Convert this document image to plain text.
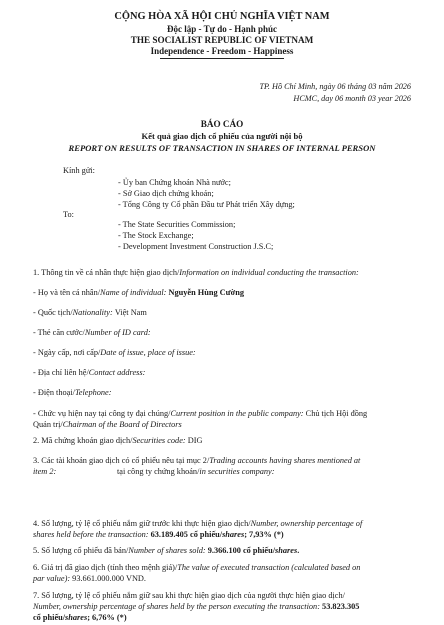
CỘNG HÒA XÃ HỘI CHỦ NGHĨA VIỆT NAM
Độc lập - Tự do - Hạnh phúc
THE SOCIALIST REPUBLIC OF VIETNAM
Independence - Freedom - Happiness
TP. Hồ Chí Minh, ngày 06 tháng 03 năm 2026
HCMC, day 06 month 03 year 2026
BÁO CÁO
Kết quả giao dịch cổ phiếu của người nội bộ
REPORT ON RESULTS OF TRANSACTION IN SHARES OF INTERNAL PERSON
Kính gửi:
- Ủy ban Chứng khoán Nhà nước;
- Sở Giao dịch chứng khoán;
- Tổng Công ty Cổ phần Đầu tư Phát triển Xây dựng;
To:
- The State Securities Commission;
- The Stock Exchange;
- Development Investment Construction J.S.C;
1. Thông tin về cá nhân thực hiện giao dịch/Information on individual conducting the transaction:
- Họ và tên cá nhân/Name of individual: Nguyễn Hùng Cường
- Quốc tịch/Nationality: Việt Nam
- Thẻ căn cước/Number of ID card:
- Ngày cấp, nơi cấp/Date of issue, place of issue:
- Địa chỉ liên hệ/Contact address:
- Điện thoại/Telephone:
- Chức vụ hiện nay tại công ty đại chúng/Current position in the public company: Chủ tịch Hội đồng
Quản trị/Chairman of the Board of Directors
2. Mã chứng khoán giao dịch/Securities code: DIG
3. Các tài khoản giao dịch có cổ phiếu nêu tại mục 2/Trading accounts having shares mentioned at
item 2:	tại công ty chứng khoán/in securities company:
4. Số lượng, tỷ lệ cổ phiếu nắm giữ trước khi thực hiện giao dịch/Number, ownership percentage of
shares held before the transaction: 63.189.405 cổ phiếu/shares; 7,93% (*)
5. Số lượng cổ phiếu đã bán/Number of shares sold: 9.366.100 cổ phiếu/shares.
6. Giá trị đã giao dịch (tính theo mệnh giá)/The value of executed transaction (calculated based on
par value): 93.661.000.000 VND.
7. Số lượng, tỷ lệ cổ phiếu nắm giữ sau khi thực hiện giao dịch của người thực hiện giao dịch/
Number, ownership percentage of shares held by the person executing the transaction: 53.823.305
cổ phiếu/shares; 6,76% (*)
